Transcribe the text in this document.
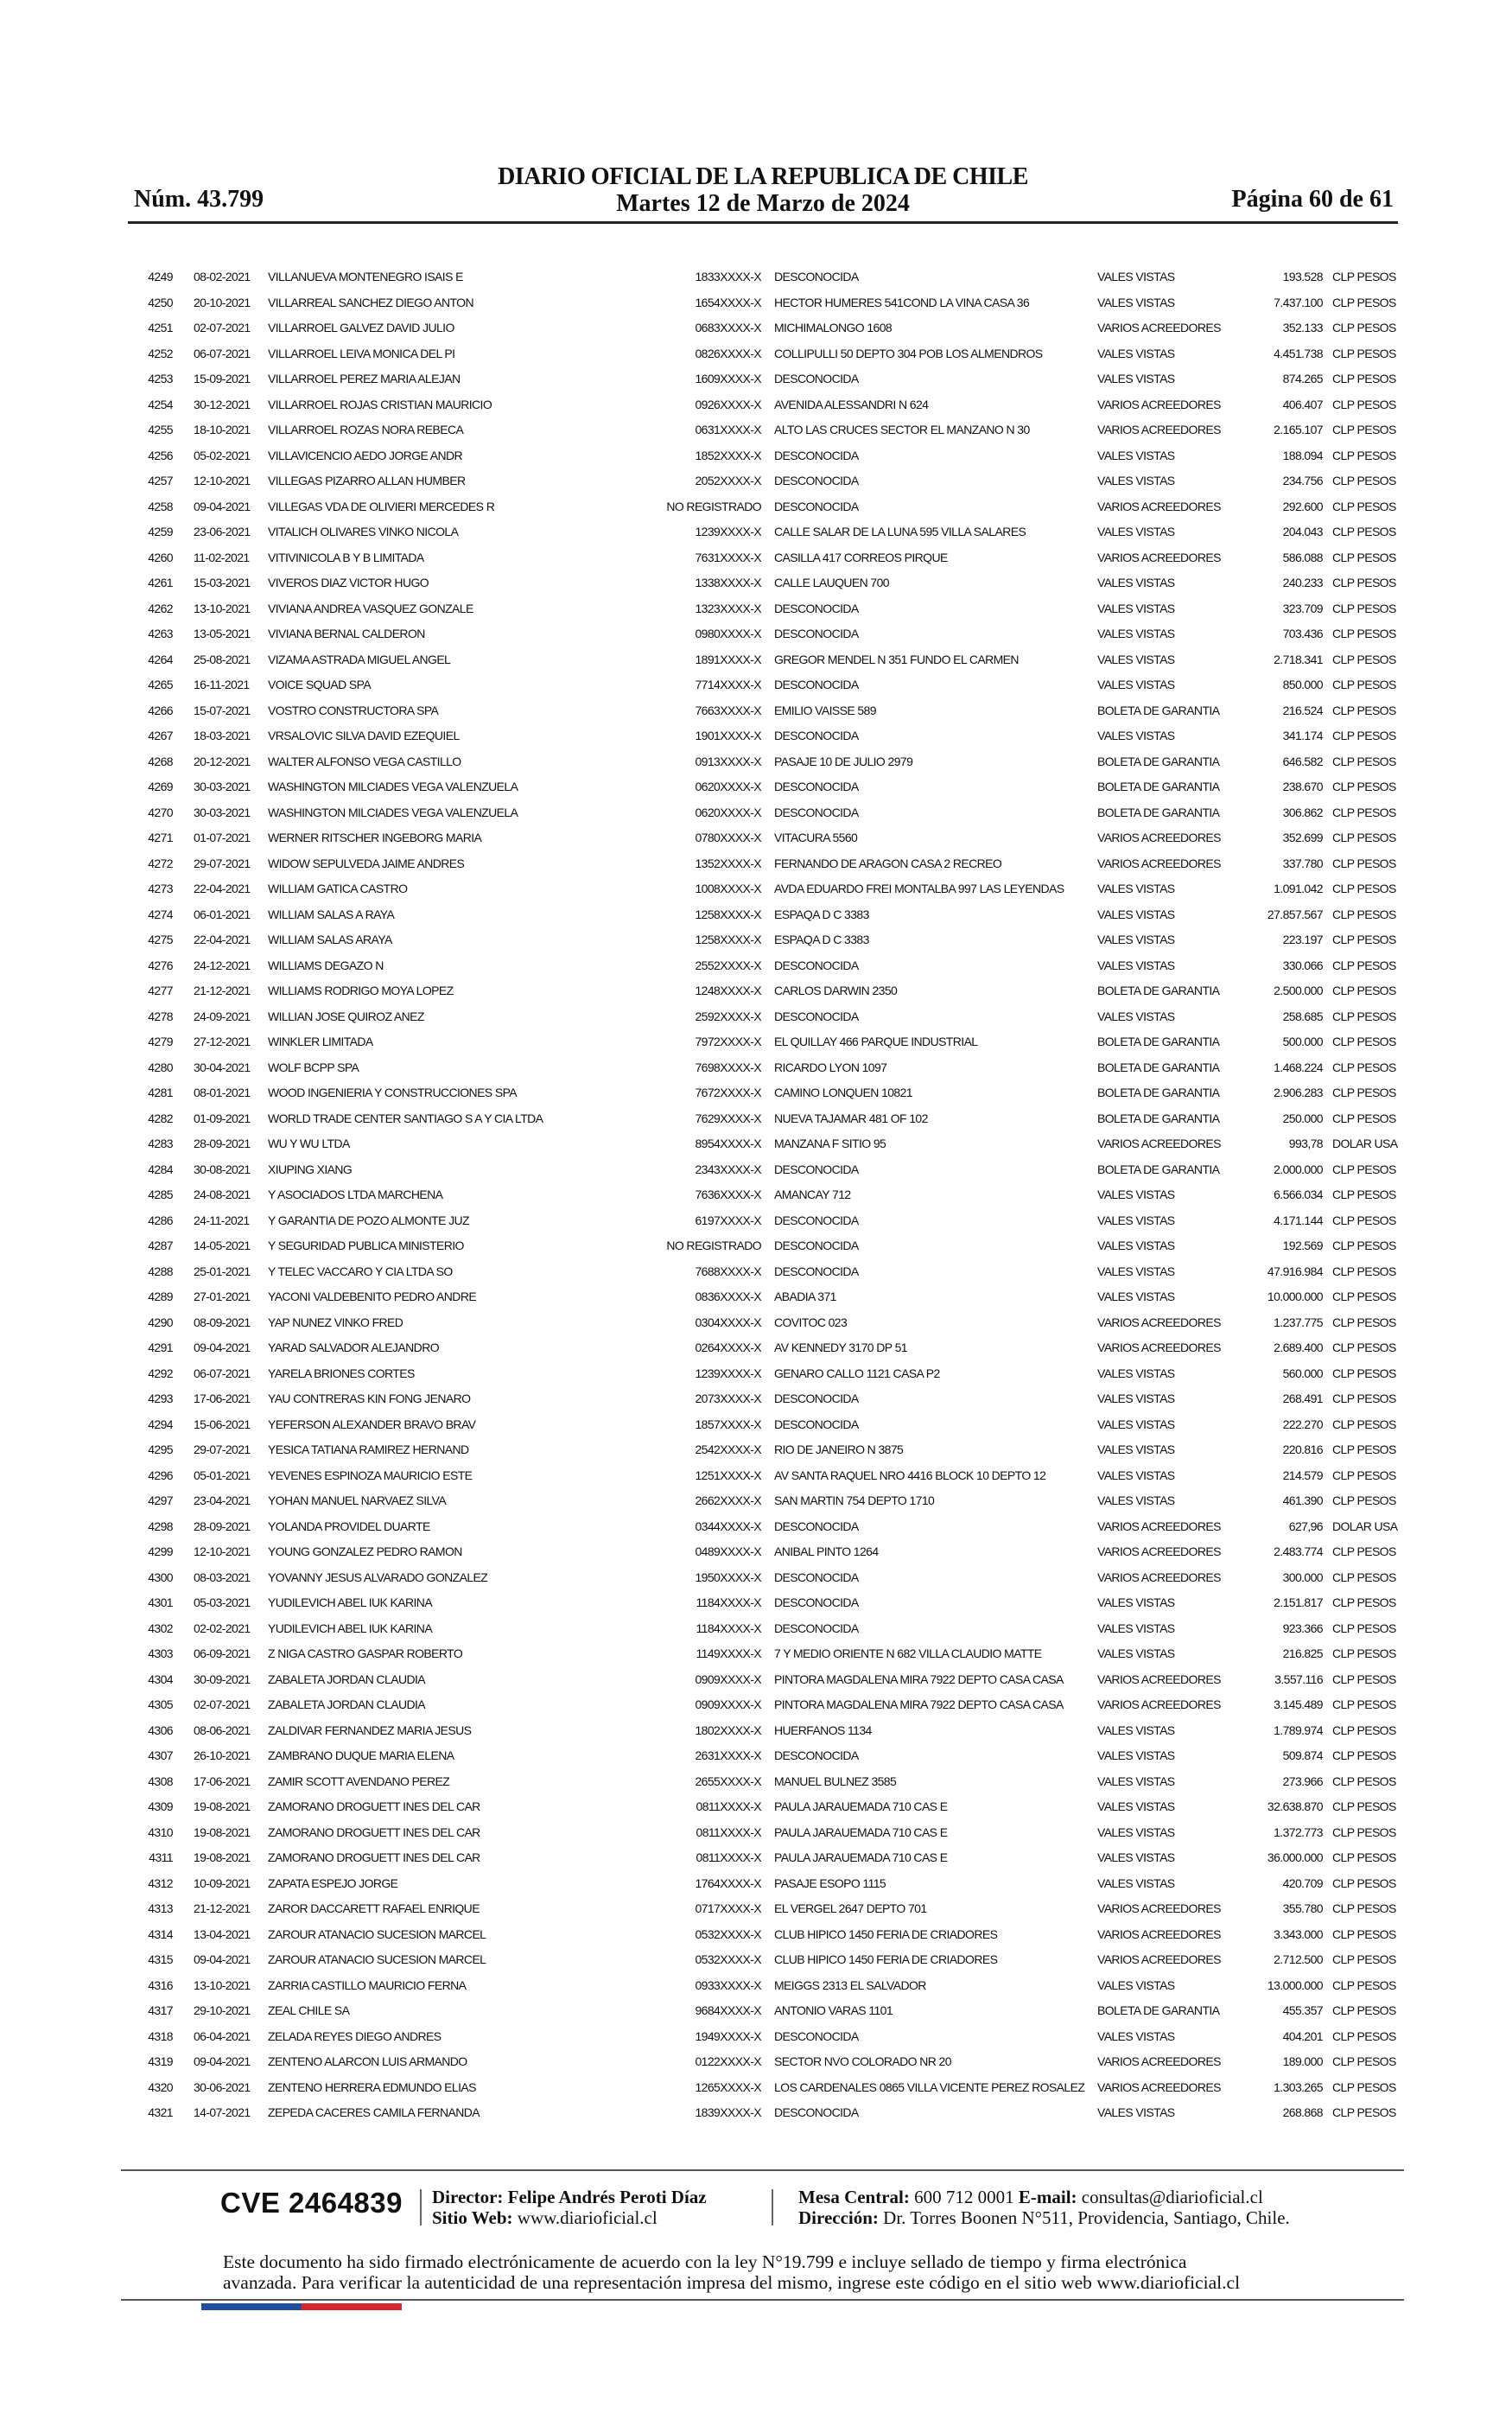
Núm. 43.799
DIARIO OFICIAL DE LA REPUBLICA DE CHILE
Martes 12 de Marzo de 2024	Página 60 de 61
4249 08-02-2021 VILLANUEVA MONTENEGRO ISAIS E	1833XXXX-X DESCONOCIDA	VALES VISTAS	193.528 CLP PESOS
4250 20-10-2021 VILLARREAL SANCHEZ DIEGO ANTON	1654XXXX-X HECTOR HUMERES 541COND LA VINA CASA 36	VALES VISTAS	7.437.100 CLP PESOS
4251 02-07-2021 VILLARROEL GALVEZ DAVID JULIO	0683XXXX-X MICHIMALONGO 1608	VARIOS ACREEDORES	352.133 CLP PESOS
4252 06-07-2021 VILLARROEL LEIVA MONICA DEL PI	0826XXXX-X COLLIPULLI 50 DEPTO 304 POB LOS ALMENDROS	VALES VISTAS	4.451.738 CLP PESOS
4253 15-09-2021 VILLARROEL PEREZ MARIA ALEJAN	1609XXXX-X DESCONOCIDA	VALES VISTAS	874.265 CLP PESOS
4254 30-12-2021 VILLARROEL ROJAS CRISTIAN MAURICIO	0926XXXX-X AVENIDA ALESSANDRI N 624	VARIOS ACREEDORES	406.407 CLP PESOS
4255 18-10-2021 VILLARROEL ROZAS NORA REBECA	0631XXXX-X ALTO LAS CRUCES SECTOR EL MANZANO N 30	VARIOS ACREEDORES	2.165.107 CLP PESOS
4256 05-02-2021 VILLAVICENCIO AEDO JORGE ANDR	1852XXXX-X DESCONOCIDA	VALES VISTAS	188.094 CLP PESOS
4257 12-10-2021 VILLEGAS PIZARRO ALLAN HUMBER	2052XXXX-X DESCONOCIDA	VALES VISTAS	234.756 CLP PESOS
4258 09-04-2021 VILLEGAS VDA DE OLIVIERI MERCEDES R	NO REGISTRADO DESCONOCIDA	VARIOS ACREEDORES	292.600 CLP PESOS
4259 23-06-2021 VITALICH OLIVARES VINKO NICOLA	1239XXXX-X CALLE SALAR DE LA LUNA 595 VILLA SALARES	VALES VISTAS	204.043 CLP PESOS
4260 11-02-2021 VITIVINICOLA B Y B LIMITADA	7631XXXX-X CASILLA 417 CORREOS PIRQUE	VARIOS ACREEDORES	586.088 CLP PESOS
4261 15-03-2021 VIVEROS DIAZ VICTOR HUGO	1338XXXX-X CALLE LAUQUEN 700	VALES VISTAS	240.233 CLP PESOS
4262 13-10-2021 VIVIANA ANDREA VASQUEZ GONZALE	1323XXXX-X DESCONOCIDA	VALES VISTAS	323.709 CLP PESOS
4263 13-05-2021 VIVIANA BERNAL CALDERON	0980XXXX-X DESCONOCIDA	VALES VISTAS	703.436 CLP PESOS
4264 25-08-2021 VIZAMA ASTRADA MIGUEL ANGEL	1891XXXX-X GREGOR MENDEL N 351 FUNDO EL CARMEN	VALES VISTAS	2.718.341 CLP PESOS
4265 16-11-2021 VOICE SQUAD SPA	7714XXXX-X DESCONOCIDA	VALES VISTAS	850.000 CLP PESOS
4266 15-07-2021 VOSTRO CONSTRUCTORA SPA	7663XXXX-X EMILIO VAISSE 589	BOLETA DE GARANTIA	216.524 CLP PESOS
4267 18-03-2021 VRSALOVIC SILVA DAVID EZEQUIEL	1901XXXX-X DESCONOCIDA	VALES VISTAS	341.174 CLP PESOS
4268 20-12-2021 WALTER ALFONSO VEGA CASTILLO	0913XXXX-X PASAJE 10 DE JULIO 2979	BOLETA DE GARANTIA	646.582 CLP PESOS
4269 30-03-2021 WASHINGTON MILCIADES VEGA VALENZUELA	0620XXXX-X DESCONOCIDA	BOLETA DE GARANTIA	238.670 CLP PESOS
4270 30-03-2021 WASHINGTON MILCIADES VEGA VALENZUELA	0620XXXX-X DESCONOCIDA	BOLETA DE GARANTIA	306.862 CLP PESOS
4271 01-07-2021 WERNER RITSCHER INGEBORG MARIA	0780XXXX-X VITACURA 5560	VARIOS ACREEDORES	352.699 CLP PESOS
4272 29-07-2021 WIDOW SEPULVEDA JAIME ANDRES	1352XXXX-X FERNANDO DE ARAGON CASA 2 RECREO	VARIOS ACREEDORES	337.780 CLP PESOS
4273 22-04-2021 WILLIAM GATICA CASTRO	1008XXXX-X AVDA EDUARDO FREI MONTALBA 997 LAS LEYENDAS	VALES VISTAS	1.091.042 CLP PESOS
4274 06-01-2021 WILLIAM SALAS A RAYA	1258XXXX-X ESPAQA D C 3383	VALES VISTAS	27.857.567 CLP PESOS
4275 22-04-2021 WILLIAM SALAS ARAYA	1258XXXX-X ESPAQA D C 3383	VALES VISTAS	223.197 CLP PESOS
4276 24-12-2021 WILLIAMS DEGAZO N	2552XXXX-X DESCONOCIDA	VALES VISTAS	330.066 CLP PESOS
4277 21-12-2021 WILLIAMS RODRIGO MOYA LOPEZ	1248XXXX-X CARLOS DARWIN 2350	BOLETA DE GARANTIA	2.500.000 CLP PESOS
4278 24-09-2021 WILLIAN JOSE QUIROZ ANEZ	2592XXXX-X DESCONOCIDA	VALES VISTAS	258.685 CLP PESOS
4279 27-12-2021 WINKLER LIMITADA	7972XXXX-X EL QUILLAY 466 PARQUE INDUSTRIAL	BOLETA DE GARANTIA	500.000 CLP PESOS
4280 30-04-2021 WOLF BCPP SPA	7698XXXX-X RICARDO LYON 1097	BOLETA DE GARANTIA	1.468.224 CLP PESOS
4281 08-01-2021 WOOD INGENIERIA Y CONSTRUCCIONES SPA	7672XXXX-X CAMINO LONQUEN 10821	BOLETA DE GARANTIA	2.906.283 CLP PESOS
4282 01-09-2021 WORLD TRADE CENTER SANTIAGO S A Y CIA LTDA	7629XXXX-X NUEVA TAJAMAR 481 OF 102	BOLETA DE GARANTIA	250.000 CLP PESOS
4283 28-09-2021 WU Y WU LTDA	8954XXXX-X MANZANA F SITIO 95	VARIOS ACREEDORES	993,78 DOLAR USA
4284 30-08-2021 XIUPING XIANG	2343XXXX-X DESCONOCIDA	BOLETA DE GARANTIA	2.000.000 CLP PESOS
4285 24-08-2021 Y ASOCIADOS LTDA MARCHENA	7636XXXX-X AMANCAY 712	VALES VISTAS	6.566.034 CLP PESOS
4286 24-11-2021 Y GARANTIA DE POZO ALMONTE JUZ	6197XXXX-X DESCONOCIDA	VALES VISTAS	4.171.144 CLP PESOS
4287 14-05-2021 Y SEGURIDAD PUBLICA MINISTERIO	NO REGISTRADO DESCONOCIDA	VALES VISTAS	192.569 CLP PESOS
4288 25-01-2021 Y TELEC VACCARO Y CIA LTDA SO	7688XXXX-X DESCONOCIDA	VALES VISTAS	47.916.984 CLP PESOS
4289 27-01-2021 YACONI VALDEBENITO PEDRO ANDRE	0836XXXX-X ABADIA 371	VALES VISTAS	10.000.000 CLP PESOS
4290 08-09-2021 YAP NUNEZ VINKO FRED	0304XXXX-X COVITOC 023	VARIOS ACREEDORES	1.237.775 CLP PESOS
4291 09-04-2021 YARAD SALVADOR ALEJANDRO	0264XXXX-X AV KENNEDY 3170 DP 51	VARIOS ACREEDORES	2.689.400 CLP PESOS
4292 06-07-2021 YARELA BRIONES CORTES	1239XXXX-X GENARO CALLO 1121 CASA P2	VALES VISTAS	560.000 CLP PESOS
4293 17-06-2021 YAU CONTRERAS KIN FONG JENARO	2073XXXX-X DESCONOCIDA	VALES VISTAS	268.491 CLP PESOS
4294 15-06-2021 YEFERSON ALEXANDER BRAVO BRAV	1857XXXX-X DESCONOCIDA	VALES VISTAS	222.270 CLP PESOS
4295 29-07-2021 YESICA TATIANA RAMIREZ HERNAND	2542XXXX-X RIO DE JANEIRO N 3875	VALES VISTAS	220.816 CLP PESOS
4296 05-01-2021 YEVENES ESPINOZA MAURICIO ESTE	1251XXXX-X AV SANTA RAQUEL NRO 4416 BLOCK 10 DEPTO 12	VALES VISTAS	214.579 CLP PESOS
4297 23-04-2021 YOHAN MANUEL NARVAEZ SILVA	2662XXXX-X SAN MARTIN 754 DEPTO 1710	VALES VISTAS	461.390 CLP PESOS
4298 28-09-2021 YOLANDA PROVIDEL DUARTE	0344XXXX-X DESCONOCIDA	VARIOS ACREEDORES	627,96 DOLAR USA
4299 12-10-2021 YOUNG GONZALEZ PEDRO RAMON	0489XXXX-X ANIBAL PINTO 1264	VARIOS ACREEDORES	2.483.774 CLP PESOS
4300 08-03-2021 YOVANNY JESUS ALVARADO GONZALEZ	1950XXXX-X DESCONOCIDA	VARIOS ACREEDORES	300.000 CLP PESOS
4301 05-03-2021 YUDILEVICH ABEL IUK KARINA	1184XXXX-X DESCONOCIDA	VALES VISTAS	2.151.817 CLP PESOS
4302 02-02-2021 YUDILEVICH ABEL IUK KARINA	1184XXXX-X DESCONOCIDA	VALES VISTAS	923.366 CLP PESOS
4303 06-09-2021 Z NIGA CASTRO GASPAR ROBERTO	1149XXXX-X 7 Y MEDIO ORIENTE N 682 VILLA CLAUDIO MATTE	VALES VISTAS	216.825 CLP PESOS
4304 30-09-2021 ZABALETA JORDAN CLAUDIA	0909XXXX-X PINTORA MAGDALENA MIRA 7922 DEPTO CASA CASA	VARIOS ACREEDORES	3.557.116 CLP PESOS
4305 02-07-2021 ZABALETA JORDAN CLAUDIA	0909XXXX-X PINTORA MAGDALENA MIRA 7922 DEPTO CASA CASA	VARIOS ACREEDORES	3.145.489 CLP PESOS
4306 08-06-2021 ZALDIVAR FERNANDEZ MARIA JESUS	1802XXXX-X HUERFANOS 1134	VALES VISTAS	1.789.974 CLP PESOS
4307 26-10-2021 ZAMBRANO DUQUE MARIA ELENA	2631XXXX-X DESCONOCIDA	VALES VISTAS	509.874 CLP PESOS
4308 17-06-2021 ZAMIR SCOTT AVENDANO PEREZ	2655XXXX-X MANUEL BULNEZ 3585	VALES VISTAS	273.966 CLP PESOS
4309 19-08-2021 ZAMORANO DROGUETT INES DEL CAR	0811XXXX-X PAULA JARAUEMADA 710 CAS E	VALES VISTAS	32.638.870 CLP PESOS
4310 19-08-2021 ZAMORANO DROGUETT INES DEL CAR	0811XXXX-X PAULA JARAUEMADA 710 CAS E	VALES VISTAS	1.372.773 CLP PESOS
4311 19-08-2021 ZAMORANO DROGUETT INES DEL CAR	0811XXXX-X PAULA JARAUEMADA 710 CAS E	VALES VISTAS	36.000.000 CLP PESOS
4312 10-09-2021 ZAPATA ESPEJO JORGE	1764XXXX-X PASAJE ESOPO 1115	VALES VISTAS	420.709 CLP PESOS
4313 21-12-2021 ZAROR DACCARETT RAFAEL ENRIQUE	0717XXXX-X EL VERGEL 2647 DEPTO 701	VARIOS ACREEDORES	355.780 CLP PESOS
4314 13-04-2021 ZAROUR ATANACIO SUCESION MARCEL	0532XXXX-X CLUB HIPICO 1450 FERIA DE CRIADORES	VARIOS ACREEDORES	3.343.000 CLP PESOS
4315 09-04-2021 ZAROUR ATANACIO SUCESION MARCEL	0532XXXX-X CLUB HIPICO 1450 FERIA DE CRIADORES	VARIOS ACREEDORES	2.712.500 CLP PESOS
4316 13-10-2021 ZARRIA CASTILLO MAURICIO FERNA	0933XXXX-X MEIGGS 2313 EL SALVADOR	VALES VISTAS	13.000.000 CLP PESOS
4317 29-10-2021 ZEAL CHILE SA	9684XXXX-X ANTONIO VARAS 1101	BOLETA DE GARANTIA	455.357 CLP PESOS
4318 06-04-2021 ZELADA REYES DIEGO ANDRES	1949XXXX-X DESCONOCIDA	VALES VISTAS	404.201 CLP PESOS
4319 09-04-2021 ZENTENO ALARCON LUIS ARMANDO	0122XXXX-X SECTOR NVO COLORADO NR 20	VARIOS ACREEDORES	189.000 CLP PESOS
4320 30-06-2021 ZENTENO HERRERA EDMUNDO ELIAS	1265XXXX-X LOS CARDENALES 0865 VILLA VICENTE PEREZ ROSALEZ VARIOS ACREEDORES	1.303.265 CLP PESOS
4321 14-07-2021 ZEPEDA CACERES CAMILA FERNANDA	1839XXXX-X DESCONOCIDA	VALES VISTAS	268.868 CLP PESOS
CVE 2464839 Director: Felipe Andrés Peroti Díaz
Sitio Web: www.diarioficial.cl
Mesa Central: 600 712 0001 E-mail: consultas@diarioficial.cl
Dirección: Dr. Torres Boonen N°511, Providencia, Santiago, Chile.
Este documento ha sido firmado electrónicamente de acuerdo con la ley N°19.799 e incluye sellado de tiempo y firma electrónica
avanzada. Para verificar la autenticidad de una representación impresa del mismo, ingrese este código en el sitio web www.diarioficial.cl
